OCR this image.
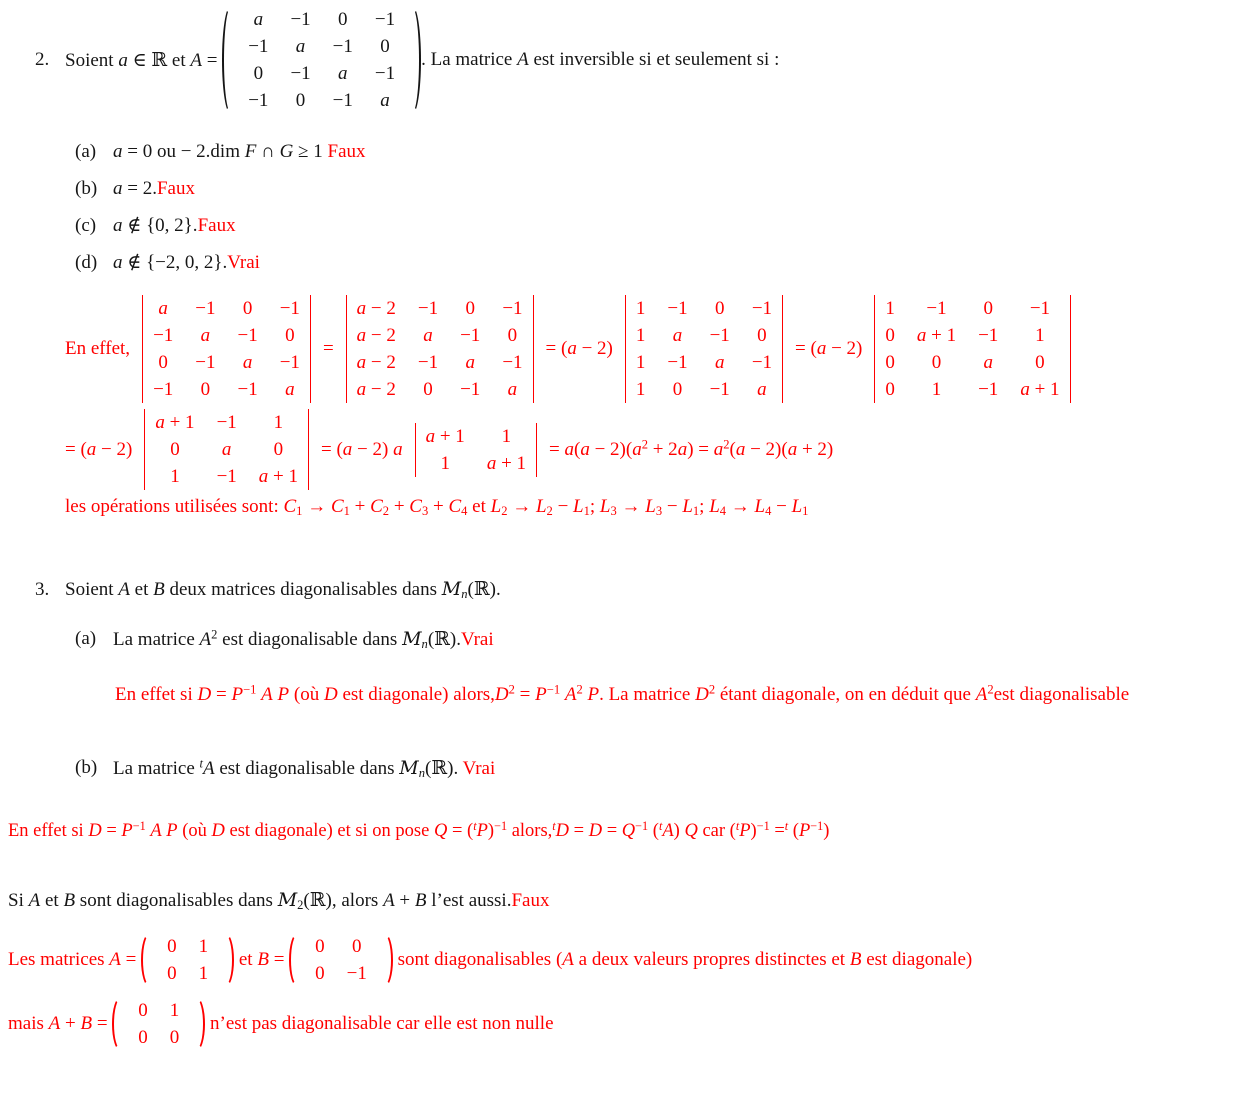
2. Soient a ∈ ℝ et A =
a −1 0 −1
−1 a −1 0
0 −1 a −1
−1 0 −1 a
. La matrice A est inversible si et seulement si :
(a) a = 0 ou − 2.dim F ∩ G ≥ 1 Faux
(b) a = 2.Faux
(c) a ∉ {0, 2}.Faux
(d) a ∉ {−2, 0, 2}.Vrai
En effet,
a −1 0 −1
−1 a −1 0
0 −1 a −1
−1 0 −1 a
=
a − 2 −1 0 −1
a − 2 a −1 0
a − 2 −1 a −1
a − 2 0 −1 a
= (a − 2)
1 −1 0 −1
1 a −1 0
1 −1 a −1
1 0 −1 a
= (a − 2)
1	−1	0	−1
0 a + 1 −1	1
0	0	a	0
0	1	−1 a + 1
= (a − 2)
a + 1 −1	1
0	a	0
1	−1 a + 1
= (a − 2) a
a + 1	1
1	a + 1
= $a(a - 2)(a^2 + 2a) = a^2(a - 2)(a + 2)$
les opérations utilisées sont: $C_1 \to C_1 + C_2 + C_3 + C_4$ et $L_2 \to L_2 - L_1$; $L_3 \to L_3 - L_1$; $L_4 \to L_4 - L_1$
3. Soient A et B deux matrices diagonalisables dans $M_n(ℝ)$.
(a) La matrice $A^2$ est diagonalisable dans $M_n(ℝ).Vrai$

En effet si $D = P^{-1}$ A P (où D est diagonale) $alors,D^2 = P^{-1}$ $A^2$ P. La matrice $D^2$ étant diagonale, on en déduit que $A^2est$ diagonalisable

(b) La matrice $^t$A est diagonalisable dans $M_n(ℝ)$. Vrai

En effet si $D = P^{-1}$ A P (où D est diagonale) et si on pose $Q = (^tP)^{-1}$ alors,$^t$D = $D = Q^{-1}$ ($^t$A) Q car $(^tP)^{-1} =^t$ $(P^{-1})$

Si A et B sont diagonalisables dans $M_2(ℝ)$, alors A + B l’est aussi.Faux

Les matrices A =
0 1
0 1
et B =
0 0
0 −1
sont diagonalisables (A a deux valeurs propres distinctes et B est diagonale)
mais A + B =
0 1
0 0
n’est pas diagonalisable car elle est non nulle
